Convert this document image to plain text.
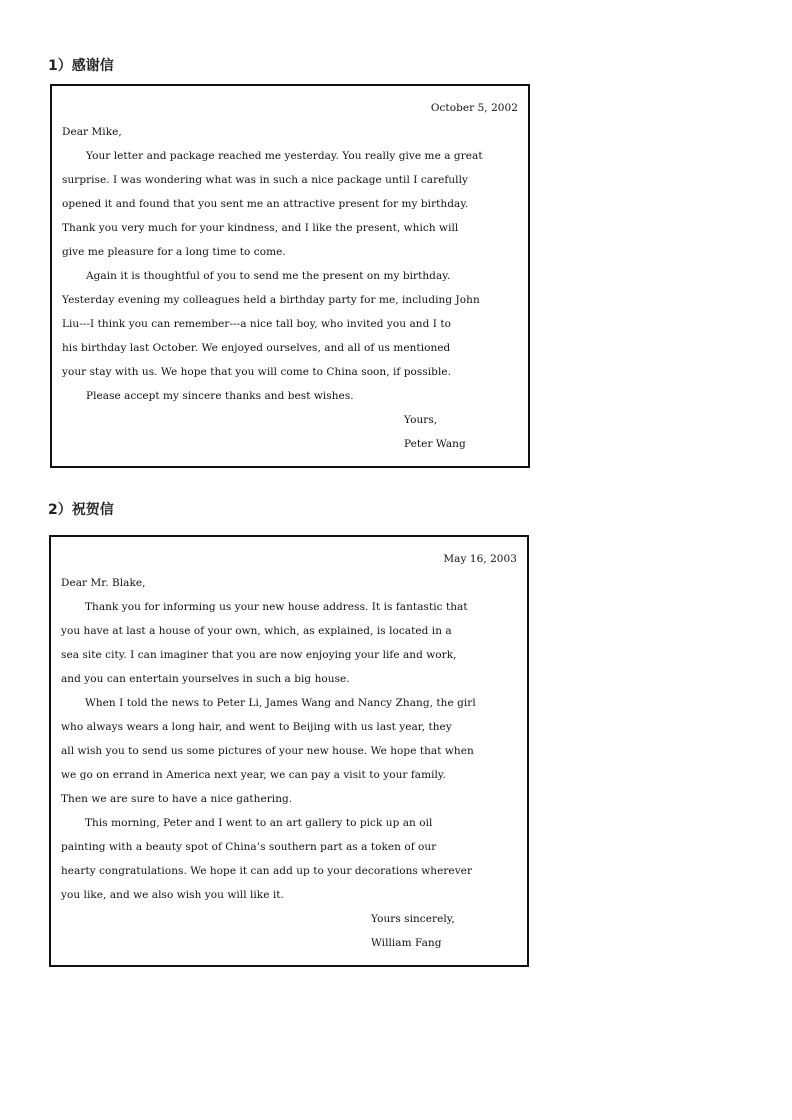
1）感谢信
October 5, 2002
Dear Mike,
Your letter and package reached me yesterday. You really give me a great
surprise. I was wondering what was in such a nice package until I carefully
opened it and found that you sent me an attractive present for my birthday.
Thank you very much for your kindness, and I like the present, which will
give me pleasure for a long time to come.
Again it is thoughtful of you to send me the present on my birthday.
Yesterday evening my colleagues held a birthday party for me, including John
Liu---I think you can remember---a nice tall boy, who invited you and I to
his birthday last October. We enjoyed ourselves, and all of us mentioned
your stay with us. We hope that you will come to China soon, if possible.
Please accept my sincere thanks and best wishes.
Yours,
Peter Wang
2）祝贺信
May 16, 2003
Dear Mr. Blake,
Thank you for informing us your new house address. It is fantastic that
you have at last a house of your own, which, as explained, is located in a
sea site city. I can imaginer that you are now enjoying your life and work,
and you can entertain yourselves in such a big house.
When I told the news to Peter Li, James Wang and Nancy Zhang, the girl
who always wears a long hair, and went to Beijing with us last year, they
all wish you to send us some pictures of your new house. We hope that when
we go on errand in America next year, we can pay a visit to your family.
Then we are sure to have a nice gathering.
This morning, Peter and I went to an art gallery to pick up an oil
painting with a beauty spot of China’s southern part as a token of our
hearty congratulations. We hope it can add up to your decorations wherever
you like, and we also wish you will like it.
Yours sincerely,
William Fang
